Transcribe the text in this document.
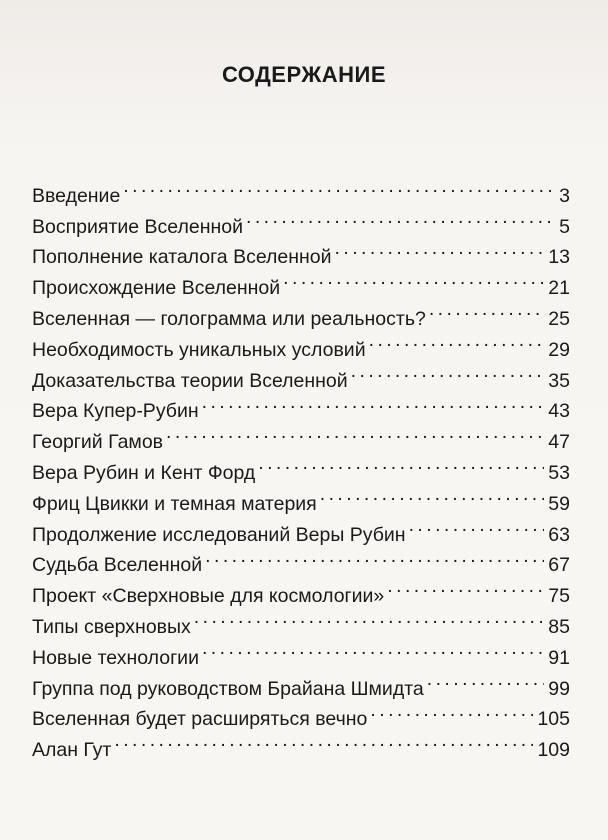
СОДЕРЖАНИЕ
Введение . . .	3
Восприятие Вселенной . . .	5
Пополнение каталога Вселенной . . .	13
Происхождение Вселенной . . .	21
Вселенная — голограмма или реальность? . . .	25
Необходимость уникальных условий . . .	29
Доказательства теории Вселенной . . .	35
Вера Купер-Рубин . . .	43
Георгий Гамов . . .	47
Вера Рубин и Кент Форд . . .	53
Фриц Цвикки и темная материя . . .	59
Продолжение исследований Веры Рубин . . .	63
Судьба Вселенной . . .	67
Проект «Сверхновые для космологии» . . .	75
Типы сверхновых . . .	85
Новые технологии . . .	91
Группа под руководством Брайана Шмидта . . .	99
Вселенная будет расширяться вечно . . .	105
Алан Гут . . .	109
